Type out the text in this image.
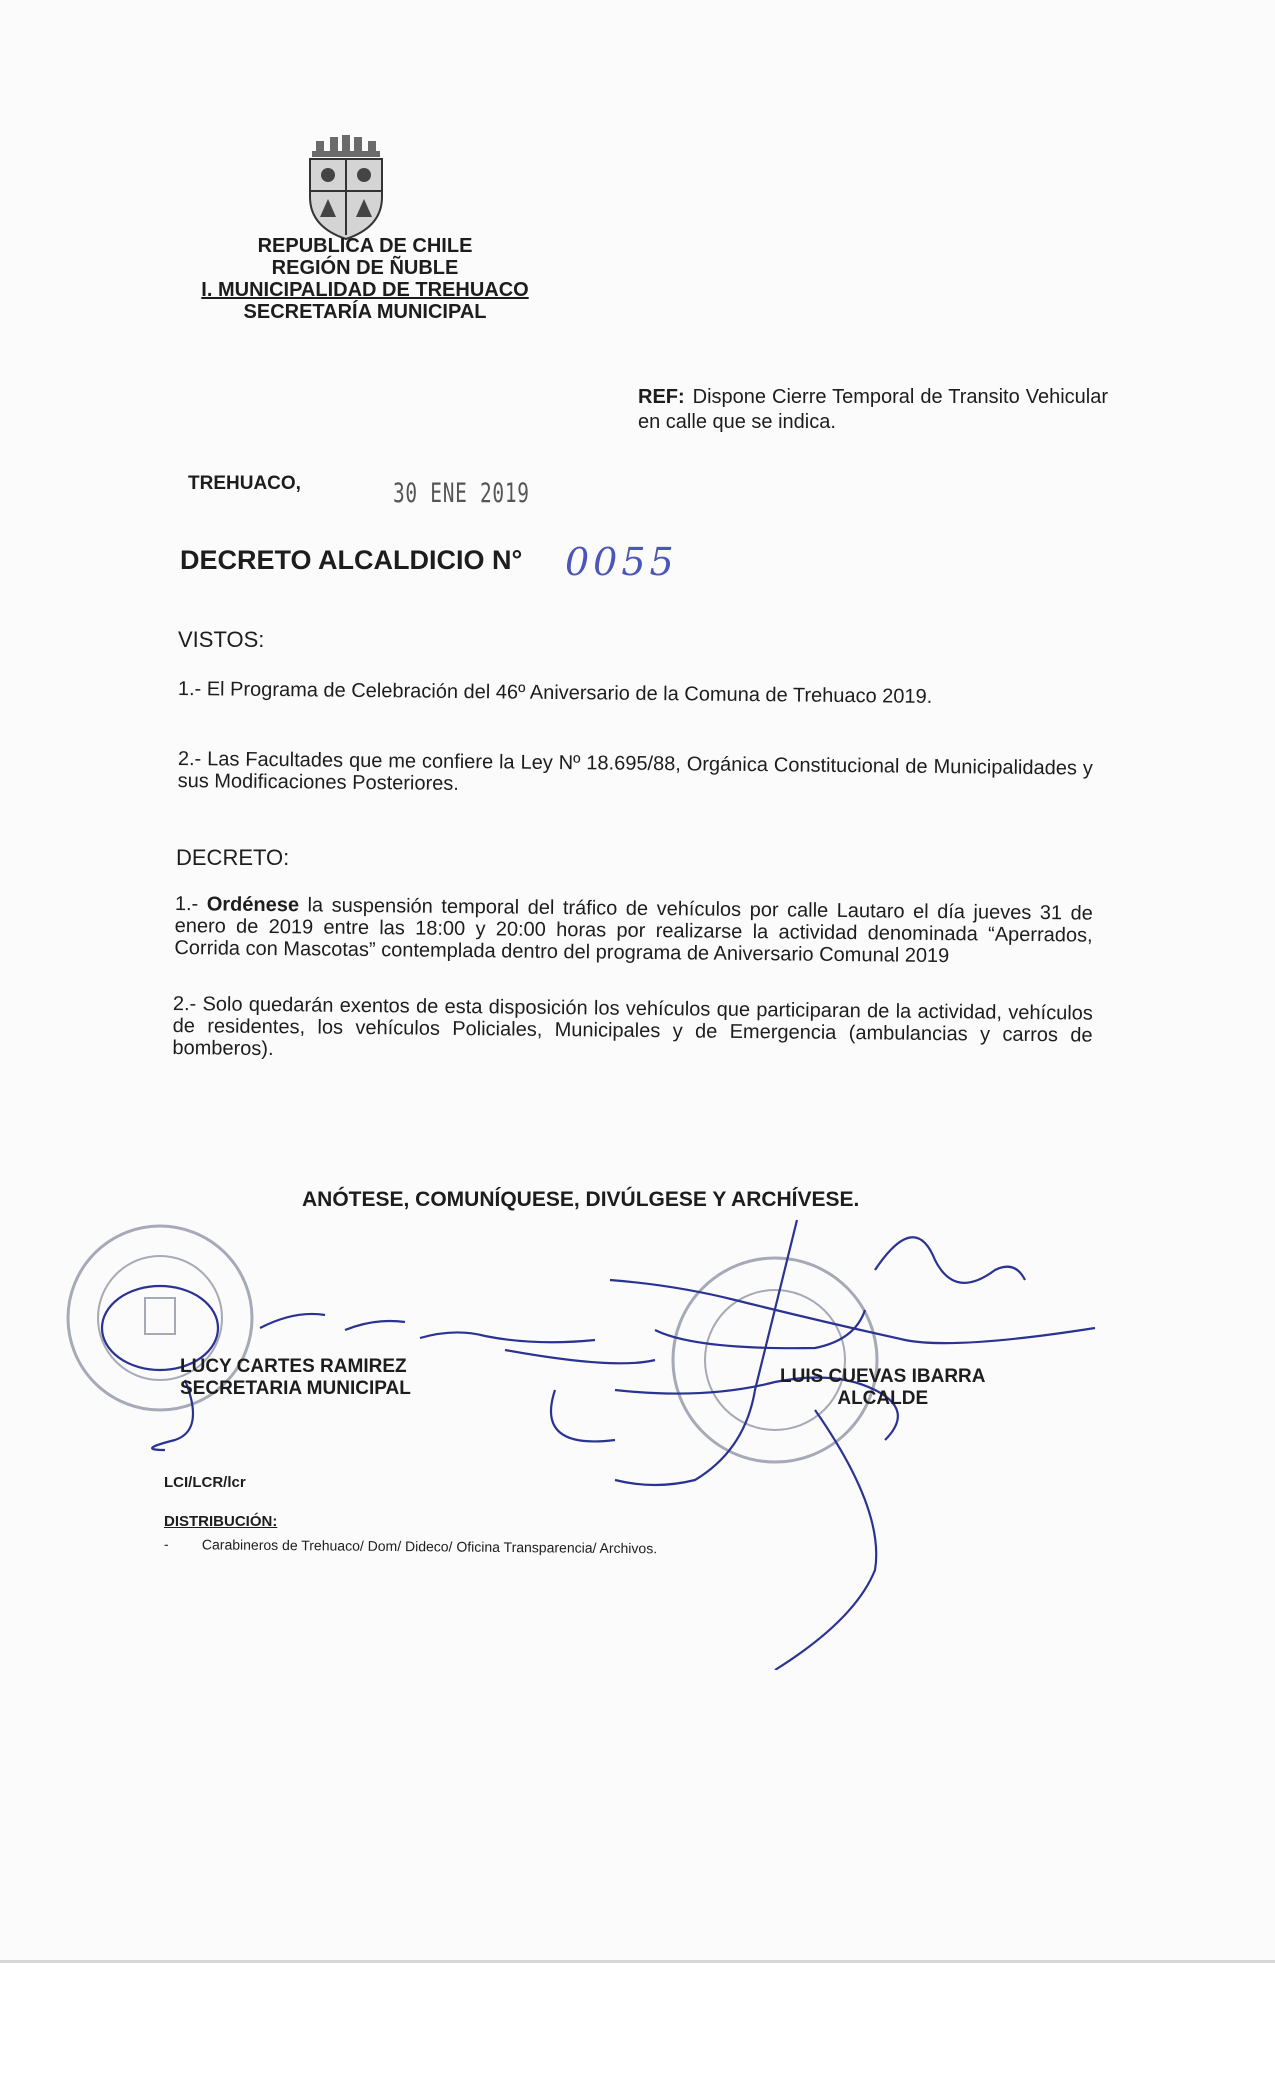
REPUBLICA DE CHILE
REGIÓN DE ÑUBLE
I. MUNICIPALIDAD DE TREHUACO
SECRETARÍA MUNICIPAL
REF: Dispone Cierre Temporal de Transito Vehicular en calle que se indica.
TREHUACO,	30 ENE 2019
DECRETO ALCALDICIO N° 0055
VISTOS:
1.- El Programa de Celebración del 46º Aniversario de la Comuna de Trehuaco 2019.
2.- Las Facultades que me confiere la Ley Nº 18.695/88, Orgánica Constitucional de Municipalidades y sus Modificaciones Posteriores.
DECRETO:
1.- Ordénese la suspensión temporal del tráfico de vehículos por calle Lautaro el día jueves 31 de enero de 2019 entre las 18:00 y 20:00 horas por realizarse la actividad denominada “Aperrados, Corrida con Mascotas” contemplada dentro del programa de Aniversario Comunal 2019
2.- Solo quedarán exentos de esta disposición los vehículos que participaran de la actividad, vehículos de residentes, los vehículos Policiales, Municipales y de Emergencia (ambulancias y carros de bomberos).
ANÓTESE, COMUNÍQUESE, DIVÚLGESE Y ARCHÍVESE.
LUCY CARTES RAMIREZ
SECRETARIA MUNICIPAL
LUIS CUEVAS IBARRA
ALCALDE
LCI/LCR/lcr
DISTRIBUCIÓN:
- Carabineros de Trehuaco/ Dom/ Dideco/ Oficina Transparencia/ Archivos.
